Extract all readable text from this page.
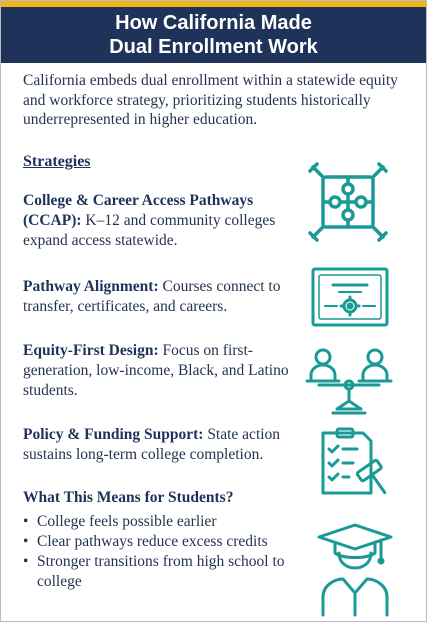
How California Made
Dual Enrollment Work
California embeds dual enrollment within a statewide equity and workforce strategy, prioritizing students historically underrepresented in higher education.
Strategies
College & Career Access Pathways (CCAP): K–12 and community colleges expand access statewide.
Pathway Alignment: Courses connect to transfer, certificates, and careers.
Equity-First Design: Focus on first-generation, low-income, Black, and Latino students.
Policy & Funding Support: State action sustains long-term college completion.
What This Means for Students?
• College feels possible earlier
• Clear pathways reduce excess credits
• Stronger transitions from high school to college
